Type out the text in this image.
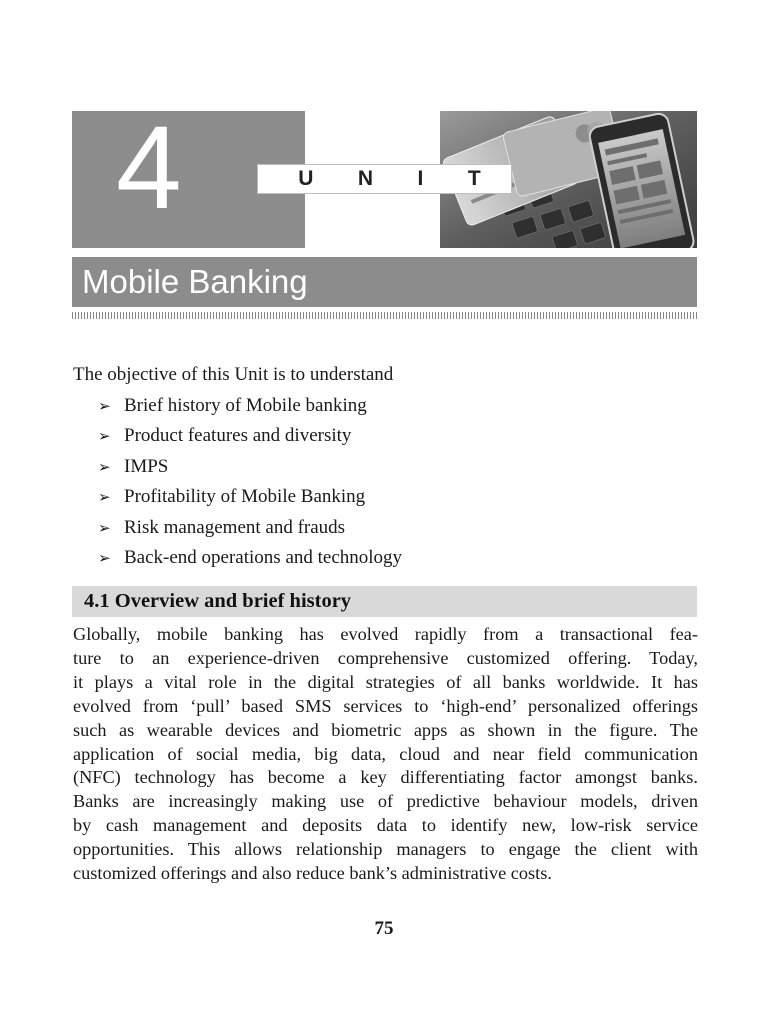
4	U N I T
Mobile Banking
The objective of this Unit is to understand
➢ Brief history of Mobile banking
➢ Product features and diversity
➢ IMPS
➢ Profitability of Mobile Banking
➢ Risk management and frauds
➢ Back-end operations and technology
4.1 Overview and brief history
Globally, mobile banking has evolved rapidly from a transactional fea-
ture to an experience-driven comprehensive customized offering. Today,
it plays a vital role in the digital strategies of all banks worldwide. It has
evolved from ‘pull’ based SMS services to ‘high-end’ personalized offerings
such as wearable devices and biometric apps as shown in the figure. The
application of social media, big data, cloud and near field communication
(NFC) technology has become a key differentiating factor amongst banks.
Banks are increasingly making use of predictive behaviour models, driven
by cash management and deposits data to identify new, low-risk service
opportunities. This allows relationship managers to engage the client with
customized offerings and also reduce bank’s administrative costs.
75
